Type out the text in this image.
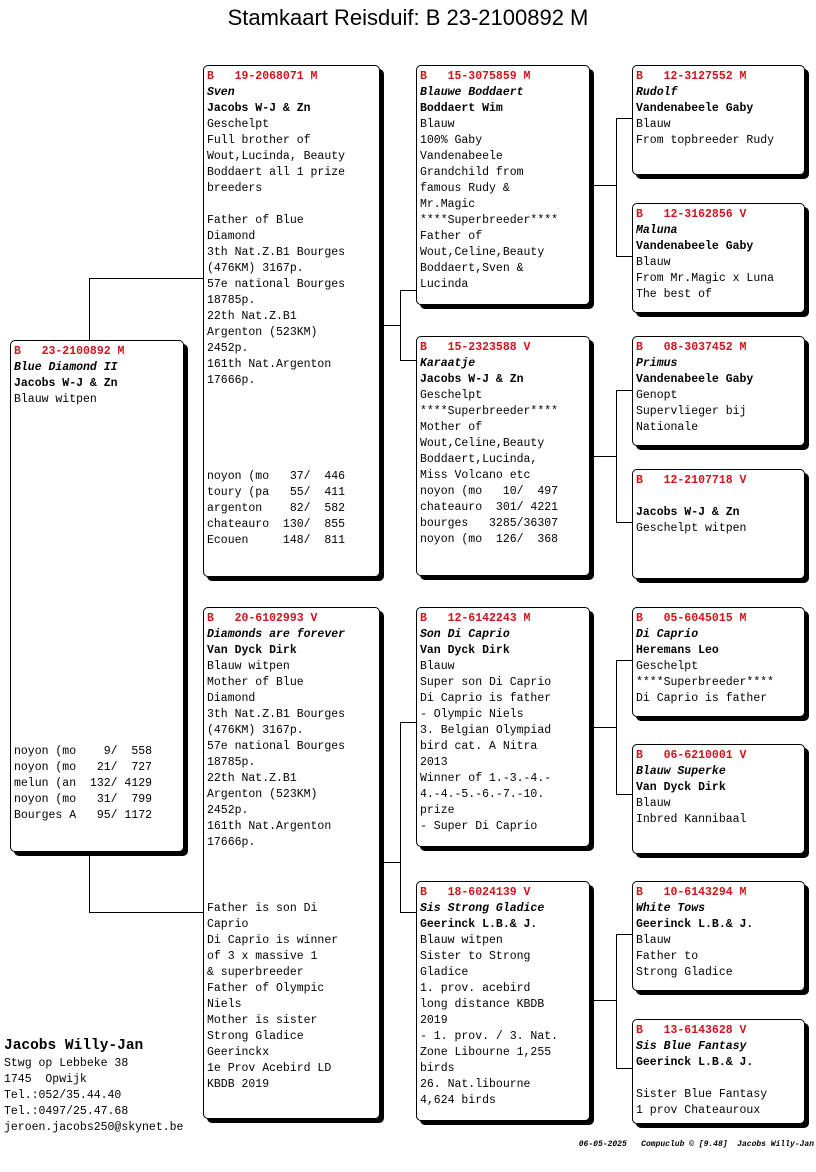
Stamkaart Reisduif: B 23-2100892 M
B   23-2100892 M
Blue Diamond II
Jacobs W-J & Zn
Blauw witpen
noyon (mo    9/  558
noyon (mo   21/  727
melun (an  132/ 4129
noyon (mo   31/  799
Bourges A   95/ 1172
B   19-2068071 M
Sven
Jacobs W-J & Zn
Geschelpt
Full brother of
Wout,Lucinda, Beauty
Boddaert all 1 prize
breeders
Father of Blue
Diamond
3th Nat.Z.B1 Bourges
(476KM) 3167p.
57e national Bourges
18785p.
22th Nat.Z.B1
Argenton (523KM)
2452p.
161th Nat.Argenton
17666p.
noyon (mo   37/  446
toury (pa   55/  411
argenton    82/  582
chateauro  130/  855
Ecouen     148/  811
B   20-6102993 V
Diamonds are forever
Van Dyck Dirk
Blauw witpen
Mother of Blue
Diamond
3th Nat.Z.B1 Bourges
(476KM) 3167p.
57e national Bourges
18785p.
22th Nat.Z.B1
Argenton (523KM)
2452p.
161th Nat.Argenton
17666p.
Father is son Di
Caprio
Di Caprio is winner
of 3 x massive 1
& superbreeder
Father of Olympic
Niels
Mother is sister
Strong Gladice
Geerinckx
1e Prov Acebird LD
KBDB 2019
B   15-3075859 M
Blauwe Boddaert
Boddaert Wim
Blauw
100% Gaby
Vandenabeele
Grandchild from
famous Rudy &
Mr.Magic
****Superbreeder****
Father of
Wout,Celine,Beauty
Boddaert,Sven &
Lucinda
B   15-2323588 V
Karaatje
Jacobs W-J & Zn
Geschelpt
****Superbreeder****
Mother of
Wout,Celine,Beauty
Boddaert,Lucinda,
Miss Volcano etc
noyon (mo   10/  497
chateauro  301/ 4221
bourges   3285/36307
noyon (mo  126/  368
B   12-6142243 M
Son Di Caprio
Van Dyck Dirk
Blauw
Super son Di Caprio
Di Caprio is father
- Olympic Niels
3. Belgian Olympiad
bird cat. A Nitra
2013
Winner of 1.-3.-4.-
4.-4.-5.-6.-7.-10.
prize
- Super Di Caprio
B   18-6024139 V
Sis Strong Gladice
Geerinck L.B.& J.
Blauw witpen
Sister to Strong
Gladice
1. prov. acebird
long distance KBDB
2019
- 1. prov. / 3. Nat.
Zone Libourne 1,255
birds
26. Nat.libourne
4,624 birds
B   12-3127552 M
Rudolf
Vandenabeele Gaby
Blauw
From topbreeder Rudy
B   12-3162856 V
Maluna
Vandenabeele Gaby
Blauw
From Mr.Magic x Luna
The best of
B   08-3037452 M
Primus
Vandenabeele Gaby
Genopt
Supervlieger bij
Nationale
B   12-2107718 V
Jacobs W-J & Zn
Geschelpt witpen
B   05-6045015 M
Di Caprio
Heremans Leo
Geschelpt
****Superbreeder****
Di Caprio is father
B   06-6210001 V
Blauw Superke
Van Dyck Dirk
Blauw
Inbred Kannibaal
B   10-6143294 M
White Tows
Geerinck L.B.& J.
Blauw
Father to
Strong Gladice
B   13-6143628 V
Sis Blue Fantasy
Geerinck L.B.& J.
Sister Blue Fantasy
1 prov Chateauroux
Jacobs Willy-Jan
Stwg op Lebbeke 38
1745  Opwijk
Tel.:052/35.44.40
Tel.:0497/25.47.68
jeroen.jacobs250@skynet.be
06-05-2025   Compuclub © [9.48]  Jacobs Willy-Jan
